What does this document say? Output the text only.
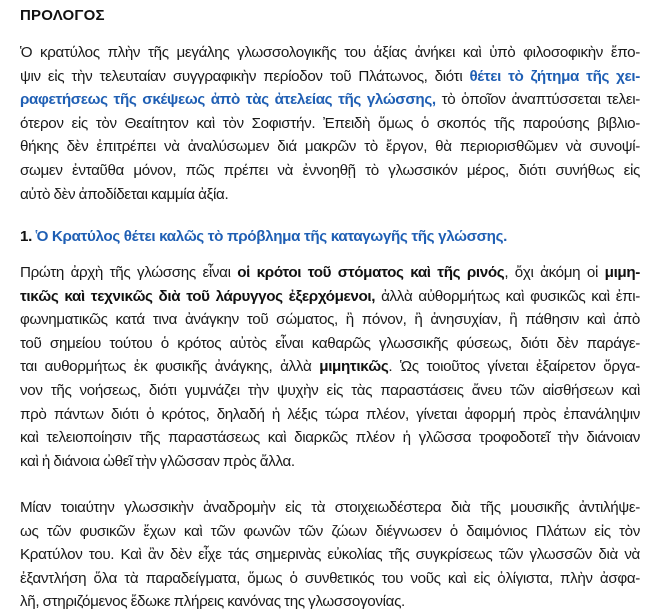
ΠΡΟΛΟΓΟΣ
Ὁ κρατύλος πλὴν τῆς μεγάλης γλωσσολογικῆς του ἀξίας ἀνήκει καὶ ὑπὸ φιλοσοφικὴν ἔπο-
ψιν εἰς τὴν τελευταίαν συγγραφικὴν περίοδον τοῦ Πλάτωνος, διότι θέτει τὸ ζήτημα τῆς χει-
ραφετήσεως τῆς σκέψεως ἀπὸ τὰς ἀτελείας τῆς γλώσσης, τὸ ὁποῖον ἀναπτύσσεται τελει-
ότερον εἰς τὸν Θεαίτητον καὶ τὸν Σοφιστήν. Ἐπειδὴ ὅμως ὁ σκοπός τῆς παρούσης βιβλιο-
θήκης δὲν ἐπιτρέπει νὰ ἀναλύσωμεν διά μακρῶν τὸ ἔργον, θὰ περιορισθῶμεν νὰ συνοψί-
σωμεν ἐνταῦθα μόνον, πῶς πρέπει νὰ ἐννοηθῇ τὸ γλωσσικόν μέρος, διότι συνήθως εἰς
αὐτὸ δὲν ἀποδίδεται καμμία ἀξία.
1. Ὁ Κρατύλος θέτει καλῶς τὸ πρόβλημα τῆς καταγωγῆς τῆς γλώσσης.
Πρώτη ἀρχὴ τῆς γλώσσης εἶναι οἱ κρότοι τοῦ στόματος καὶ τῆς ρινός, ὄχι ἀκόμη οἱ μιμη-
τικῶς καὶ τεχνικῶς διὰ τοῦ λάρυγγος ἐξερχόμενοι, ἀλλὰ αὐθορμήτως καὶ φυσικῶς καὶ ἐπι-
φωνηματικῶς κατά τινα ἀνάγκην τοῦ σώματος, ἢ πόνον, ἢ ἀνησυχίαν, ἢ πάθησιν καὶ ἀπὸ
τοῦ σημείου τούτου ὁ κρότος αὐτὸς εἶναι καθαρῶς γλωσσικῆς φύσεως, διότι δὲν παράγε-
ται αυθορμήτως ἐκ φυσικῆς ἀνάγκης, ἀλλὰ μιμητικῶς. Ὡς τοιοῦτος γίνεται ἐξαίρετον ὄργα-
νον τῆς νοήσεως, διότι γυμνάζει τὴν ψυχὴν εἰς τὰς παραστάσεις ἄνευ τῶν αἰσθήσεων καὶ
πρὸ πάντων διότι ὁ κρότος, δηλαδή ἡ λέξις τώρα πλέον, γίνεται ἀφορμή πρὸς ἐπανάληψιν
καὶ τελειοποίησιν τῆς παραστάσεως καὶ διαρκῶς πλέον ἡ γλῶσσα τροφοδοτεῖ τὴν διάνοιαν
καὶ ἡ διάνοια ὠθεῖ τὴν γλῶσσαν πρὸς ἄλλα.
Μίαν τοιαύτην γλωσσικὴν ἀναδρομὴν εἰς τὰ στοιχειωδέστερα διὰ τῆς μουσικῆς ἀντιλήψε-
ως τῶν φυσικῶν ἔχων καὶ τῶν φωνῶν τῶν ζώων διέγνωσεν ὁ δαιμόνιος Πλάτων εἰς τὸν
Κρατύλον του. Καὶ ἂν δὲν εἶχε τάς σημερινὰς εὐκολίας τῆς συγκρίσεως τῶν γλωσσῶν διὰ νὰ
ἐξαντλήση ὅλα τὰ παραδείγματα, ὅμως ὁ συνθετικός του νοῦς καὶ εἰς ὀλίγιστα, πλὴν ἀσφα-
λῆ, στηριζόμενος ἔδωκε πλήρεις κανόνας της γλωσσογονίας.
